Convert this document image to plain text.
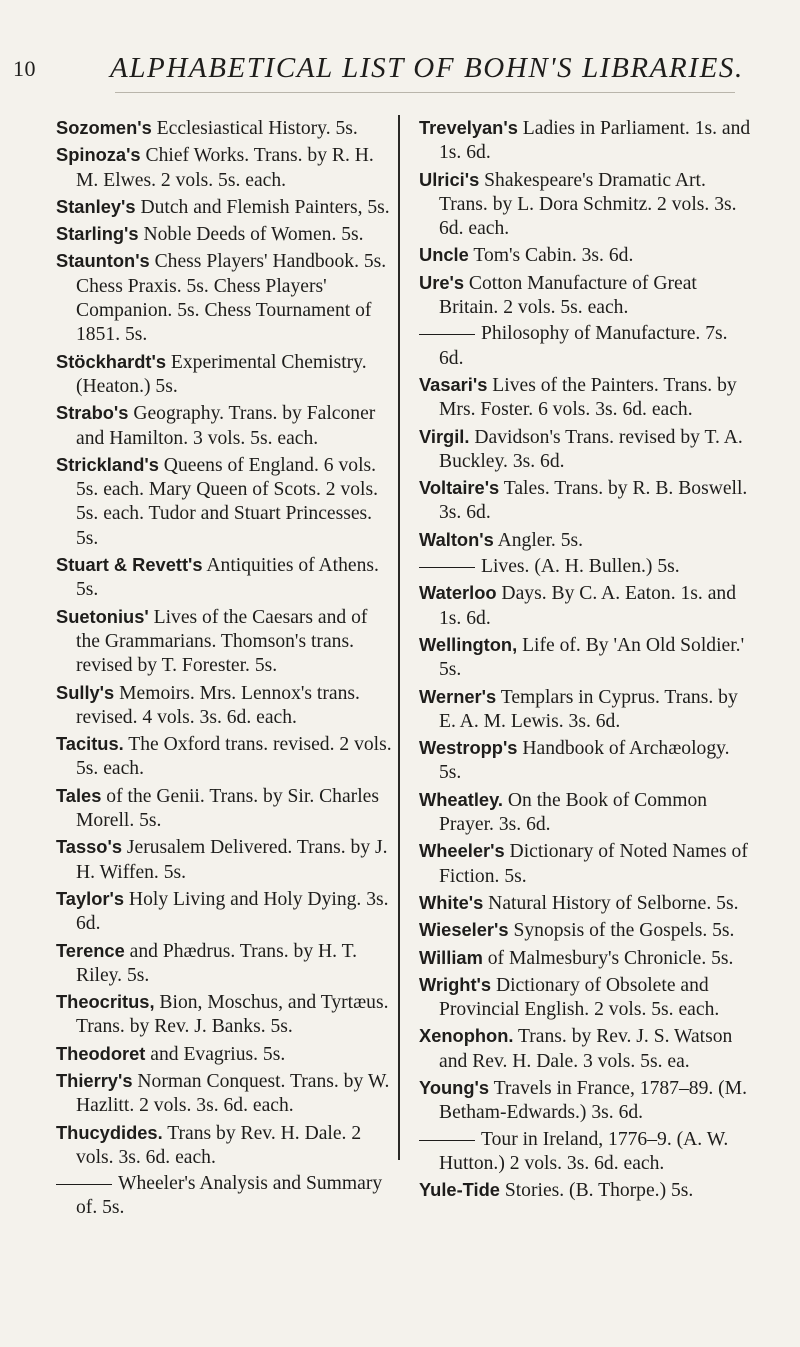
10	ALPHABETICAL LIST OF BOHN'S LIBRARIES.

Sozomen's Ecclesiastical History. 5s.

Spinoza's Chief Works. Trans. by R. H. M. Elwes. 2 vols. 5s. each.

Stanley's Dutch and Flemish Painters, 5s.

Starling's Noble Deeds of Women. 5s.

Staunton's Chess Players' Handbook. 5s. Chess Praxis. 5s. Chess Players' Companion. 5s. Chess Tournament of 1851. 5s.

Stöckhardt's Experimental Chemistry. (Heaton.) 5s.

Strabo's Geography. Trans. by Falconer and Hamilton. 3 vols. 5s. each.

Strickland's Queens of England. 6 vols. 5s. each. Mary Queen of Scots. 2 vols. 5s. each. Tudor and Stuart Princesses. 5s.

Stuart & Revett's Antiquities of Athens. 5s.

Suetonius' Lives of the Caesars and of the Grammarians. Thomson's trans. revised by T. Forester. 5s.

Sully's Memoirs. Mrs. Lennox's trans. revised. 4 vols. 3s. 6d. each.

Tacitus. The Oxford trans. revised. 2 vols. 5s. each.

Tales of the Genii. Trans. by Sir. Charles Morell. 5s.

Tasso's Jerusalem Delivered. Trans. by J. H. Wiffen. 5s.

Taylor's Holy Living and Holy Dying. 3s. 6d.

Terence and Phædrus. Trans. by H. T. Riley. 5s.

Theocritus, Bion, Moschus, and Tyrtæus. Trans. by Rev. J. Banks. 5s.

Theodoret and Evagrius. 5s.

Thierry's Norman Conquest. Trans. by W. Hazlitt. 2 vols. 3s. 6d. each.

Thucydides. Trans by Rev. H. Dale. 2 vols. 3s. 6d. each.

Wheeler's Analysis and Summary of. 5s.

Trevelyan's Ladies in Parliament. 1s. and 1s. 6d.

Ulrici's Shakespeare's Dramatic Art. Trans. by L. Dora Schmitz. 2 vols. 3s. 6d. each.

Uncle Tom's Cabin. 3s. 6d.

Ure's Cotton Manufacture of Great Britain. 2 vols. 5s. each.

Philosophy of Manufacture. 7s. 6d.

Vasari's Lives of the Painters. Trans. by Mrs. Foster. 6 vols. 3s. 6d. each.

Virgil. Davidson's Trans. revised by T. A. Buckley. 3s. 6d.

Voltaire's Tales. Trans. by R. B. Boswell. 3s. 6d.

Walton's Angler. 5s.

Lives. (A. H. Bullen.) 5s.

Waterloo Days. By C. A. Eaton. 1s. and 1s. 6d.

Wellington, Life of. By 'An Old Soldier.' 5s.

Werner's Templars in Cyprus. Trans. by E. A. M. Lewis. 3s. 6d.

Westropp's Handbook of Archæology. 5s.

Wheatley. On the Book of Common Prayer. 3s. 6d.

Wheeler's Dictionary of Noted Names of Fiction. 5s.

White's Natural History of Selborne. 5s.

Wieseler's Synopsis of the Gospels. 5s.

William of Malmesbury's Chronicle. 5s.

Wright's Dictionary of Obsolete and Provincial English. 2 vols. 5s. each.

Xenophon. Trans. by Rev. J. S. Watson and Rev. H. Dale. 3 vols. 5s. ea.

Young's Travels in France, 1787–89. (M. Betham-Edwards.) 3s. 6d.

Tour in Ireland, 1776–9. (A. W. Hutton.) 2 vols. 3s. 6d. each.

Yule-Tide Stories. (B. Thorpe.) 5s.
